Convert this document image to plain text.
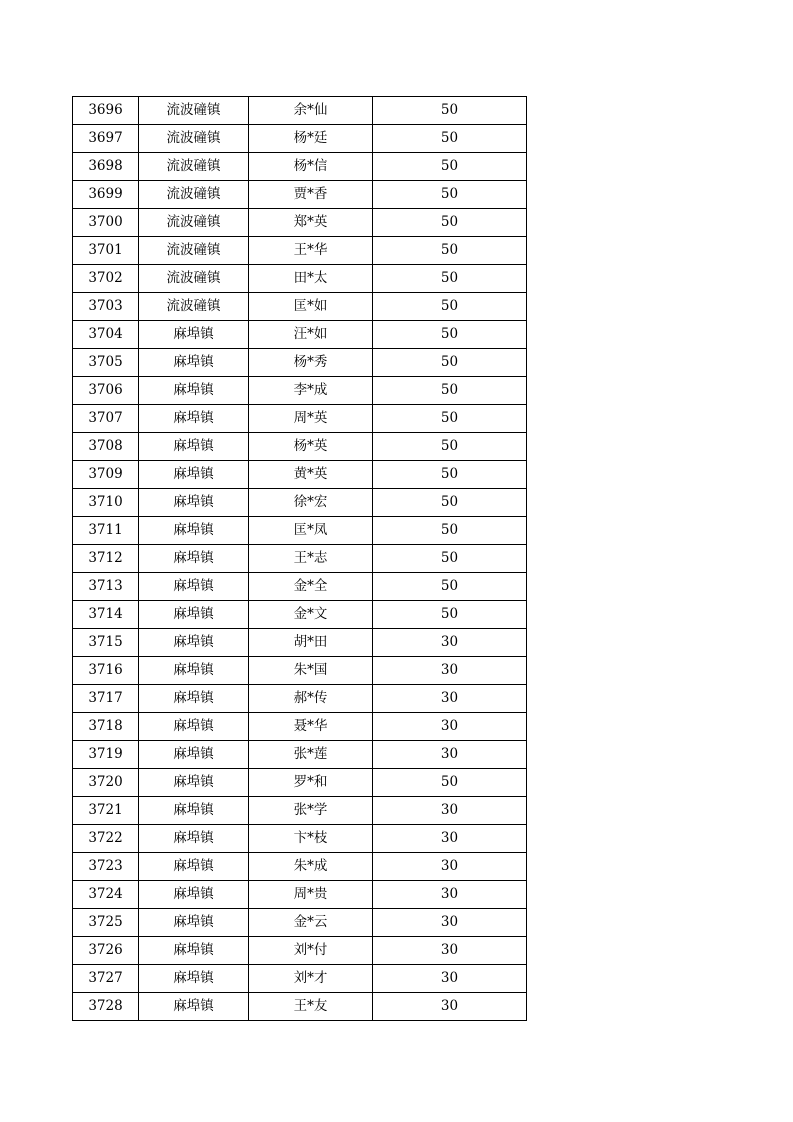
3696	流波䃥镇	余*仙	50
3697	流波䃥镇	杨*廷	50
3698	流波䃥镇	杨*信	50
3699	流波䃥镇	贾*香	50
3700	流波䃥镇	郑*英	50
3701	流波䃥镇	王*华	50
3702	流波䃥镇	田*太	50
3703	流波䃥镇	匡*如	50
3704	麻埠镇	汪*如	50
3705	麻埠镇	杨*秀	50
3706	麻埠镇	李*成	50
3707	麻埠镇	周*英	50
3708	麻埠镇	杨*英	50
3709	麻埠镇	黄*英	50
3710	麻埠镇	徐*宏	50
3711	麻埠镇	匡*凤	50
3712	麻埠镇	王*志	50
3713	麻埠镇	金*全	50
3714	麻埠镇	金*文	50
3715	麻埠镇	胡*田	30
3716	麻埠镇	朱*国	30
3717	麻埠镇	郝*传	30
3718	麻埠镇	聂*华	30
3719	麻埠镇	张*莲	30
3720	麻埠镇	罗*和	50
3721	麻埠镇	张*学	30
3722	麻埠镇	卞*枝	30
3723	麻埠镇	朱*成	30
3724	麻埠镇	周*贵	30
3725	麻埠镇	金*云	30
3726	麻埠镇	刘*付	30
3727	麻埠镇	刘*才	30
3728	麻埠镇	王*友	30
